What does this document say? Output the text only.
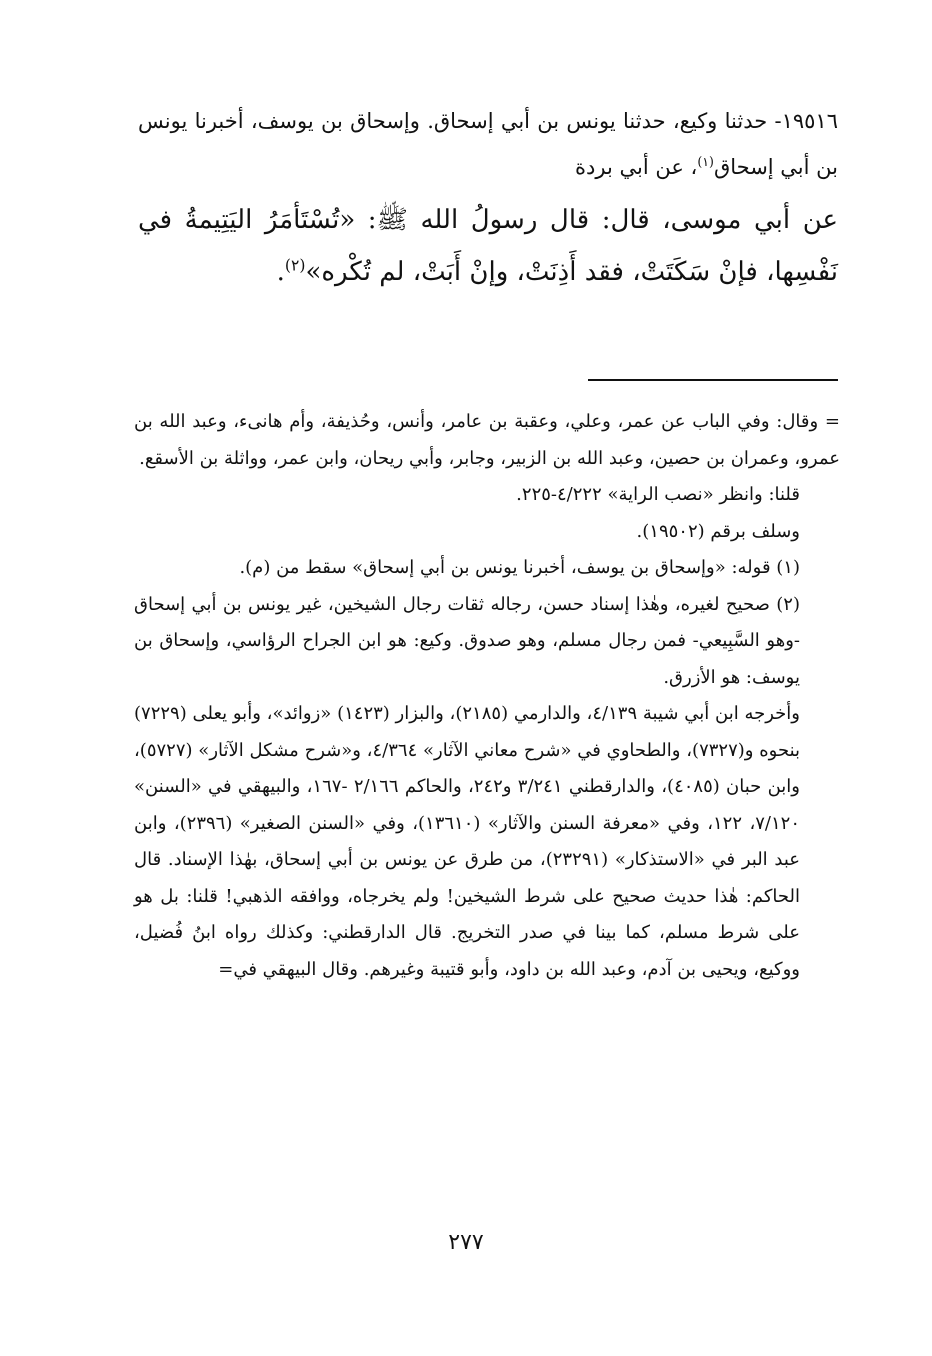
١٩٥١٦- حدثنا وكيع، حدثنا يونس بن أبي إسحاق. وإسحاق بن يوسف، أخبرنا يونس بن أبي إسحاق$^{(١)}$، عن أبي بردة

عن أبي موسى، قال: قال رسولُ الله ﷺ: «تُسْتَأمَرُ اليَتِيمةُ في نَفْسِها، فإنْ سَكَتَتْ، فقد أَذِنَتْ، وإنْ أَبَتْ، لم تُكْره»$^{(٢)}$.

= وقال: وفي الباب عن عمر، وعلي، وعقبة بن عامر، وأنس، وحُذيفة، وأم هانىء، وعبد الله بن عمرو، وعمران بن حصين، وعبد الله بن الزبير، وجابر، وأبي ريحان، وابن عمر، وواثلة بن الأسقع.

قلنا: وانظر «نصب الراية» ٤/٢٢٢-٢٢٥.

وسلف برقم (١٩٥٠٢).

(١) قوله: «وإسحاق بن يوسف، أخبرنا يونس بن أبي إسحاق» سقط من (م).

(٢) صحيح لغيره، وهٰذا إسناد حسن، رجاله ثقات رجال الشيخين، غير يونس بن أبي إسحاق -وهو السَّبِيعي- فمن رجال مسلم، وهو صدوق. وكيع: هو ابن الجراح الرؤاسي، وإسحاق بن يوسف: هو الأزرق.

وأخرجه ابن أبي شيبة ٤/١٣٩، والدارمي (٢١٨٥)، والبزار (١٤٢٣) «زوائد»، وأبو يعلى (٧٢٢٩) بنحوه و(٧٣٢٧)، والطحاوي في «شرح معاني الآثار» ٤/٣٦٤، و«شرح مشكل الآثار» (٥٧٢٧)، وابن حبان (٤٠٨٥)، والدارقطني ٣/٢٤١ و٢٤٢، والحاكم ٢/١٦٦ -١٦٧، والبيهقي في «السنن» ٧/١٢٠، ١٢٢، وفي «معرفة السنن والآثار» (١٣٦١٠)، وفي «السنن الصغير» (٢٣٩٦)، وابن عبد البر في «الاستذكار» (٢٣٢٩١)، من طرق عن يونس بن أبي إسحاق، بهٰذا الإسناد. قال الحاكم: هٰذا حديث صحيح على شرط الشيخين! ولم يخرجاه، ووافقه الذهبي! قلنا: بل هو على شرط مسلم، كما بينا في صدر التخريج. قال الدارقطني: وكذلك رواه ابنُ فُضيل، ووكيع، ويحيى بن آدم، وعبد الله بن داود، وأبو قتيبة وغيرهم. وقال البيهقي في=

٢٧٧
